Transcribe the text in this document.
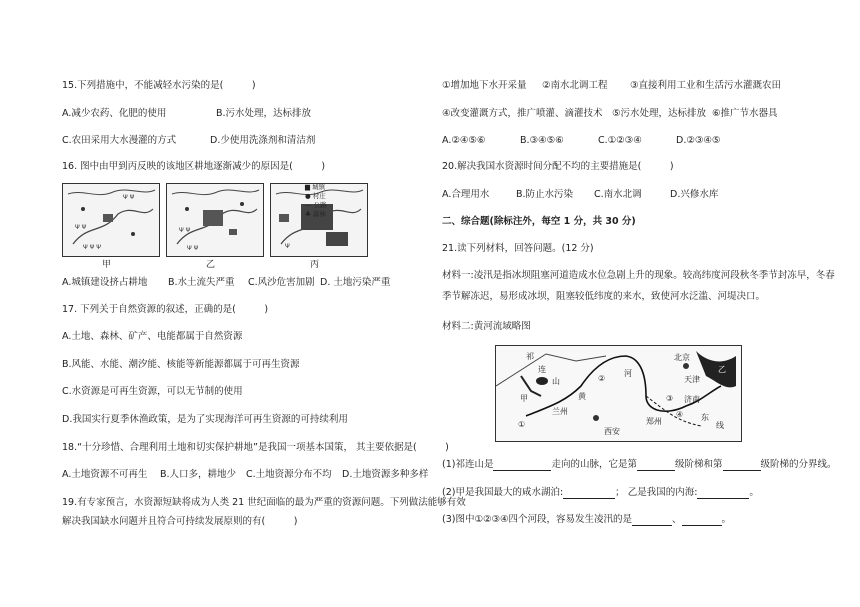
15.下列措施中，不能减轻水污染的是(　　　)
A.减少农药、化肥的使用	B.污水处理，达标排放
C.农田采用大水漫灌的方式	D.少使用洗涤剂和清洁剂
16. 图中由甲到丙反映的该地区耕地逐渐减少的原因是(　　　)
Ψ Ψ
Ψ Ψ
Ψ Ψ Ψ
甲
Ψ Ψ
Ψ Ψ
乙
Ψ
丙
▆ 城镇
● 村庄
— 公路
♣ 森林
A.城镇建设挤占耕地 B.水土流失严重 C.风沙危害加剧 D. 土地污染严重
17. 下列关于自然资源的叙述，正确的是(　　　)
A.土地、森林、矿产、电能都属于自然资源
B.风能、水能、潮汐能、核能等新能源都属于可再生资源
C.水资源是可再生资源，可以无节制的使用
D.我国实行夏季休渔政策，是为了实现海洋可再生资源的可持续利用
18.“十分珍惜、合理利用土地和切实保护耕地”是我国一项基本国策， 其主要依据是(　　　)
A.土地资源不可再生 B.人口多，耕地少 C.土地资源分布不均 D.土地资源多种多样
19.有专家预言，水资源短缺将成为人类 21 世纪面临的最为严重的资源问题。下列做法能够有效
解决我国缺水问题并且符合可持续发展原则的有(　　　)
①增加地下水开采量 ②南水北调工程 ③直接利用工业和生活污水灌溉农田
④改变灌溉方式，推广喷灌、滴灌技术 ⑤污水处理，达标排放 ⑥推广节水器具
A.②④⑤⑥	B.③④⑤⑥	C.①②③④	D.②③④⑤
20.解决我国水资源时间分配不均的主要措施是(　　　)
A.合理用水	B.防止水污染 C.南水北调	D.兴修水库
二、综合题(除标注外，每空 1 分，共 30 分)
21.读下列材料，回答问题。(12 分)
材料一:凌汛是指冰坝阻塞河道造成水位急剧上升的现象。较高纬度河段秋冬季节封冻早，冬春
季节解冻迟，易形成冰坝，阻塞较低纬度的来水，致使河水泛滥、河堤决口。
材料二:黄河流域略图
祁
连
山
甲
河
黄
兰州
西安
郑州
北京
天津
济南
乙
东
线
①
②
③
④
(1)祁连山是	走向的山脉，它是第	级阶梯和第	级阶梯的分界线。
(2)甲是我国最大的咸水湖泊:	； 乙是我国的内海:	。
(3)图中①②③④四个河段，容易发生凌汛的是	、	。
